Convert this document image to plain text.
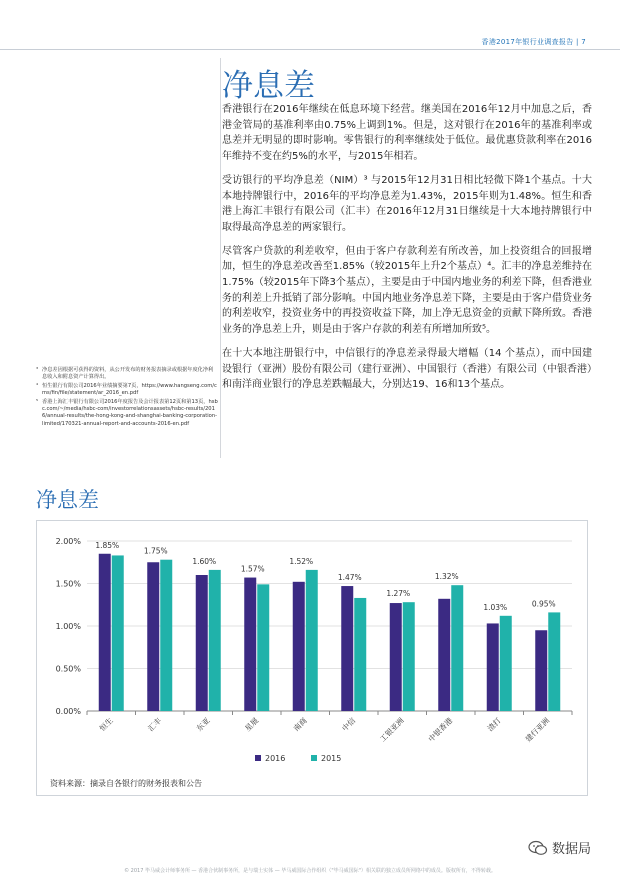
香港2017年银行业调查报告 | 7
净息差

香港银行在2016年继续在低息环境下经营。继美国在2016年12月中加息之后，香港金管局的基准利率由0.75%上调到1%。但是，这对银行在2016年的基准利率或息差并无明显的即时影响。零售银行的利率继续处于低位。最优惠贷款利率在2016年维持不变在约5%的水平，与2015年相若。

受访银行的平均净息差（NIM）³ 与2015年12月31日相比轻微下降1个基点。十大本地持牌银行中，2016年的平均净息差为1.43%，2015年则为1.48%。恒生和香港上海汇丰银行有限公司（汇丰）在2016年12月31日继续是十大本地持牌银行中取得最高净息差的两家银行。

尽管客户贷款的利差收窄，但由于客户存款利差有所改善，加上投资组合的回报增加，恒生的净息差改善至1.85%（较2015年上升2个基点）⁴。汇丰的净息差维持在1.75%（较2015年下降3个基点），主要是由于中国内地业务的利差下降，但香港业务的利差上升抵销了部分影响。中国内地业务净息差下降，主要是由于客户借贷业务的利差收窄，投资业务中的再投资收益下降，加上净无息资金的贡献下降所致。香港业务的净息差上升，则是由于客户存款的利差有所增加所致⁵。

在十大本地注册银行中，中信银行的净息差录得最大增幅（14 个基点），而中国建设银行（亚洲）股份有限公司（建行亚洲）、中国银行（香港）有限公司（中银香港）和南洋商业银行的净息差跌幅最大，分别达19、16和13个基点。

³ 净息差因根据可获得的资料，从公开发布的财务报表摘录或根据年度化净利息收入和附息资产计算得出。
⁴ 恒生银行有限公司2016年业绩摘要第7页，https://www.hangseng.com/cms/fin/file/statement/ar_2016_en.pdf
⁵ 香港上海汇丰银行有限公司2016年度报告及会计报表第12页和第13页，hsbc.com/~/media/hsbc-com/investorrelationsassets/hsbc-results/2016/annual-results/the-hong-kong-and-shanghai-banking-corporation-limited/170321-annual-report-and-accounts-2016-en.pdf
净息差
0.00%
0.50%
1.00%
1.50%
2.00% 1.85%
恒生
1.75%
汇丰
1.60%
东亚
1.57%
星展
1.52%
南商
1.47%
中信
1.27%
工银亚洲
1.32%
中银香港
1.03%
渣打
0.95%
建行亚洲
2016	2015
资料来源：摘录自各银行的财务报表和公告
数据局
© 2017 毕马威会计师事务所 — 香港合伙制事务所，是与瑞士实体 — 毕马威国际合作组织（"毕马威国际"）相关联的独立成员所网络中的成员。版权所有，不得转载。
